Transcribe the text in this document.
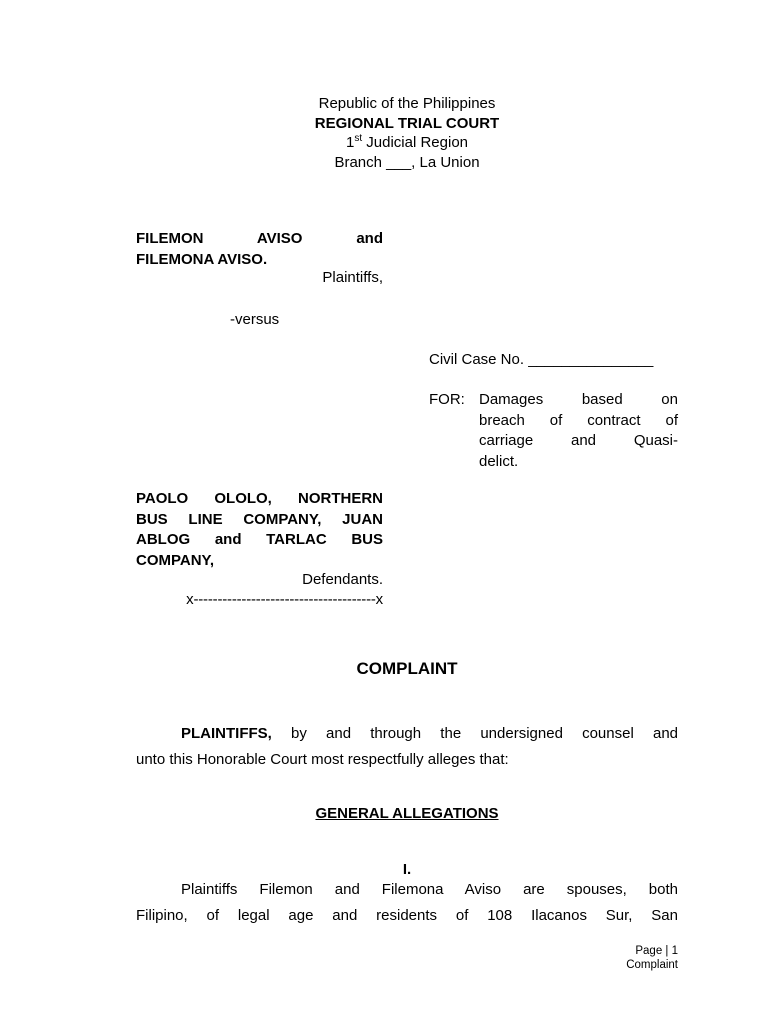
Republic of the Philippines
REGIONAL TRIAL COURT
1st Judicial Region
Branch ___, La Union
FILEMON AVISO and
FILEMONA AVISO.
Plaintiffs,
-versus
Civil Case No. _______________
FOR: Damages based on
breach of contract of
carriage and Quasi-
delict.
PAOLO OLOLO, NORTHERN
BUS LINE COMPANY, JUAN
ABLOG and TARLAC BUS
COMPANY,
Defendants.
x--------------------------------------x
COMPLAINT
PLAINTIFFS, by and through the undersigned counsel and
unto this Honorable Court most respectfully alleges that:
GENERAL ALLEGATIONS
I.
Plaintiffs Filemon and Filemona Aviso are spouses, both
Filipino, of legal age and residents of 108 Ilacanos Sur, San
Page | 1
Complaint
